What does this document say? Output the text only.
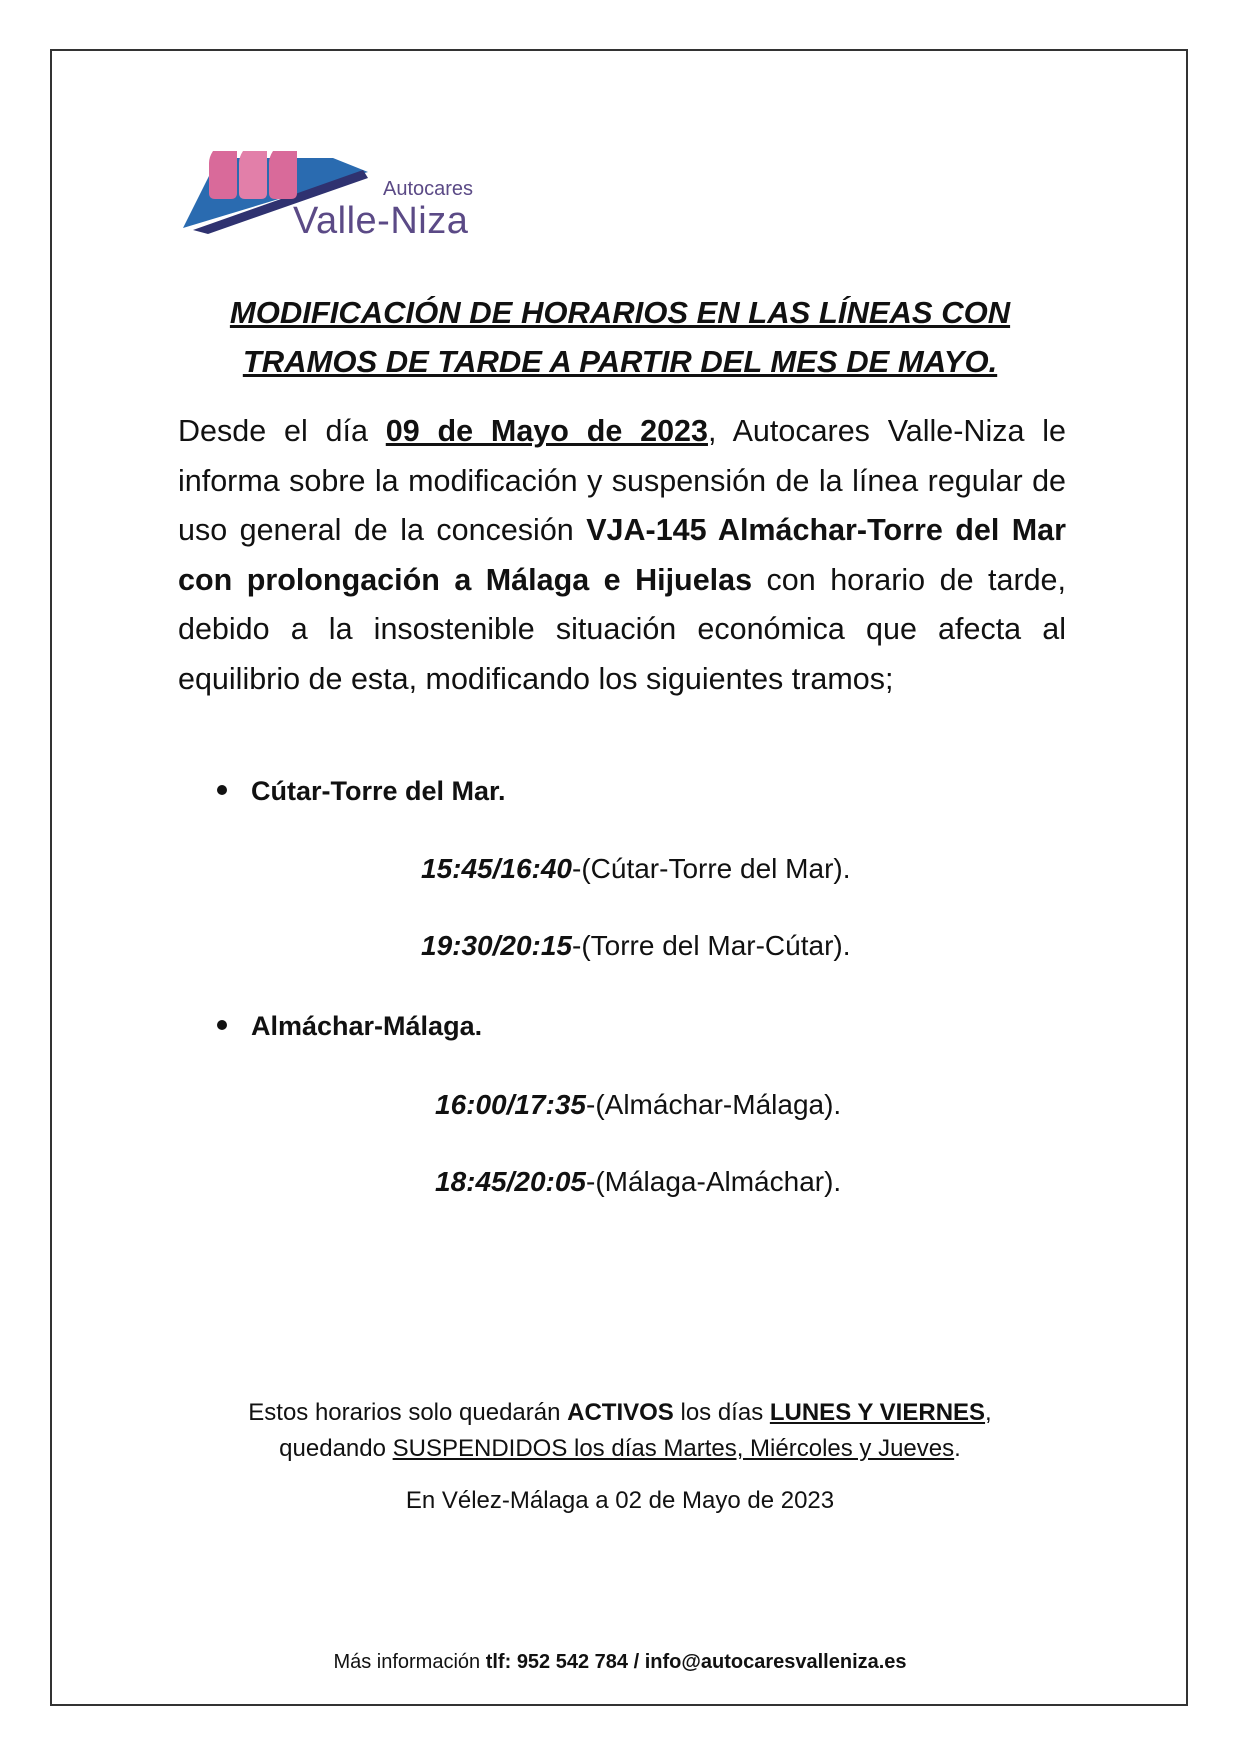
Autocares
Valle-Niza
MODIFICACIÓN DE HORARIOS EN LAS LÍNEAS CON
TRAMOS DE TARDE A PARTIR DEL MES DE MAYO.
Desde el día 09 de Mayo de 2023, Autocares Valle-Niza le informa sobre la modificación y suspensión de la línea regular de uso general de la concesión VJA-145 Almáchar-Torre del Mar con prolongación a Málaga e Hijuelas con horario de tarde, debido a la insostenible situación económica que afecta al equilibrio de esta, modificando los siguientes tramos;
Cútar-Torre del Mar.
15:45/16:40-(Cútar-Torre del Mar).
19:30/20:15-(Torre del Mar-Cútar).
Almáchar-Málaga.
16:00/17:35-(Almáchar-Málaga).
18:45/20:05-(Málaga-Almáchar).
Estos horarios solo quedarán ACTIVOS los días LUNES Y VIERNES,
quedando SUSPENDIDOS los días Martes, Miércoles y Jueves.
En Vélez-Málaga a 02 de Mayo de 2023
Más información tlf: 952 542 784 / info@autocaresvalleniza.es
